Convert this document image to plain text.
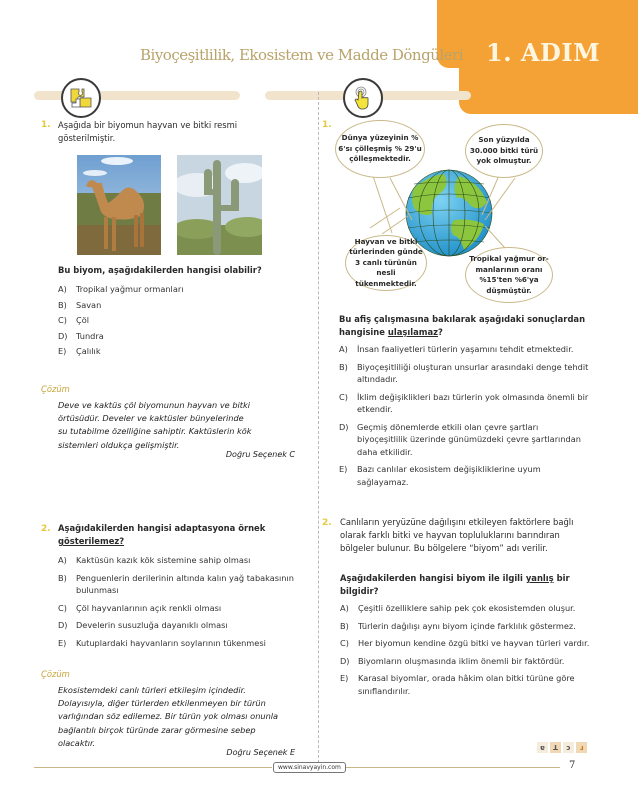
Biyoçeşitlilik, Ekosistem ve Madde Döngüleri 1. ADIM
1. Aşağıda bir biyomun hayvan ve bitki resmi
gösterilmiştir.
Bu biyom, aşağıdakilerden hangisi olabilir?
A)	Tropikal yağmur ormanları
B)	Savan
C)	Çöl
D)	Tundra
E)	Çalılık
Çözüm
Deve ve kaktüs çöl biyomunun hayvan ve bitki
örtüsüdür. Develer ve kaktüsler bünyelerinde
su tutabilme özelliğine sahiptir. Kaktüslerin kök
sistemleri oldukça gelişmiştir.
Doğru Seçenek C
2. Aşağıdakilerden hangisi adaptasyona örnek
gösterilemez?
A)	Kaktüsün kazık kök sistemine sahip olması
B)	Penguenlerin derilerinin altında kalın yağ tabakasının bulunması
C)	Çöl hayvanlarının açık renkli olması
D)	Develerin susuzluğa dayanıklı olması
E)	Kutuplardaki hayvanların soylarının tükenmesi
Çözüm
Ekosistemdeki canlı türleri etkileşim içindedir.
Dolayısıyla, diğer türlerden etkilenmeyen bir türün
varlığından söz edilemez. Bir türün yok olması onunla
bağlantılı birçok türünde zarar görmesine sebep
olacaktır.
Doğru Seçenek E
1.
Dünya yüzeyinin % 6'sı çölleşmiş % 29'u çölleşmektedir.
Son yüzyılda 30.000 bitki türü yok olmuştur.
Hayvan ve bitki türlerinden günde 3 canlı türünün nesli tükenmektedir.
Tropikal yağmur or- manlarının oranı %15'ten %6'ya düşmüştür.
Bu afiş çalışmasına bakılarak aşağıdaki sonuçlardan
hangisine ulaşılamaz?
A)	İnsan faaliyetleri türlerin yaşamını tehdit etmektedir.
B)	Biyoçeşitliliği oluşturan unsurlar arasındaki denge tehdit altındadır.
C)	İklim değişiklikleri bazı türlerin yok olmasında önemli bir etkendir.
D)	Geçmiş dönemlerde etkili olan çevre şartları biyoçeşitlilik üzerinde günümüzdeki çevre şartlarından daha etkilidir.
E)	Bazı canlılar ekosistem değişikliklerine uyum sağlayamaz.
2. Canlıların yeryüzüne dağılışını etkileyen faktörlere bağlı olarak farklı bitki ve hayvan topluluklarını barındıran bölgeler bulunur. Bu bölgelere “biyom” adı verilir.
Aşağıdakilerden hangisi biyom ile ilgili yanlış bir bilgidir?
A)	Çeşitli özelliklere sahip pek çok ekosistemden oluşur.
B)	Türlerin dağılışı aynı biyom içinde farklılık göstermez.
C)	Her biyomun kendine özgü bitki ve hayvan türleri vardır.
D)	Biyomların oluşmasında iklim önemli bir faktördür.
E)	Karasal biyomlar, orada hâkim olan bitki türüne göre sınıflandırılır.
www.sinavyayin.com
ɐ	ꓕ	ɔ	ɹ
7
